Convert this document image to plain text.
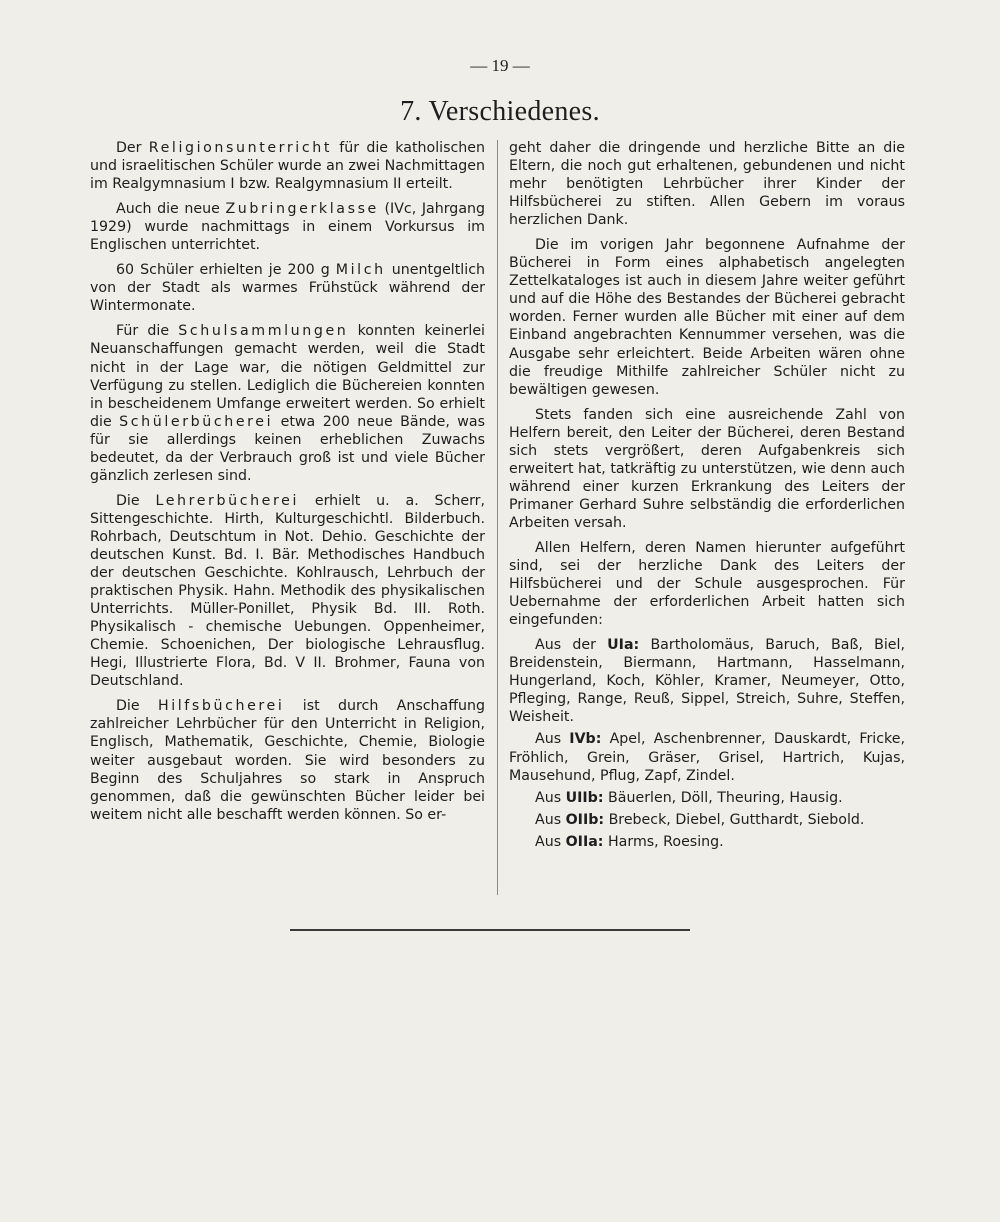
— 19 —
7. Verschiedenes.

Der Religionsunterricht für die katholischen und israelitischen Schüler wurde an zwei Nachmittagen im Realgymnasium I bzw. Realgymnasium II erteilt.

Auch die neue Zubringerklasse (IVc, Jahrgang 1929) wurde nachmittags in einem Vorkursus im Englischen unterrichtet.

60 Schüler erhielten je 200 g Milch unentgeltlich von der Stadt als warmes Frühstück während der Wintermonate.

Für die Schulsammlungen konnten keinerlei Neuanschaffungen gemacht werden, weil die Stadt nicht in der Lage war, die nötigen Geldmittel zur Verfügung zu stellen. Lediglich die Büchereien konnten in bescheidenem Umfange erweitert werden. So erhielt die Schülerbücherei etwa 200 neue Bände, was für sie allerdings keinen erheblichen Zuwachs bedeutet, da der Verbrauch groß ist und viele Bücher gänzlich zerlesen sind.

Die Lehrerbücherei erhielt u. a. Scherr, Sittengeschichte. Hirth, Kulturgeschichtl. Bilderbuch. Rohrbach, Deutschtum in Not. Dehio. Geschichte der deutschen Kunst. Bd. I. Bär. Methodisches Handbuch der deutschen Geschichte. Kohlrausch, Lehrbuch der praktischen Physik. Hahn. Methodik des physikalischen Unterrichts. Müller-Ponillet, Physik Bd. III. Roth. Physikalisch - chemische Uebungen. Oppenheimer, Chemie. Schoenichen, Der biologische Lehrausflug. Hegi, Illustrierte Flora, Bd. V II. Brohmer, Fauna von Deutschland.

Die Hilfsbücherei ist durch Anschaffung zahlreicher Lehrbücher für den Unterricht in Religion, Englisch, Mathematik, Geschichte, Chemie, Biologie weiter ausgebaut worden. Sie wird besonders zu Beginn des Schuljahres so stark in Anspruch genommen, daß die gewünschten Bücher leider bei weitem nicht alle beschafft werden können. So er-

geht daher die dringende und herzliche Bitte an die Eltern, die noch gut erhaltenen, gebundenen und nicht mehr benötigten Lehrbücher ihrer Kinder der Hilfsbücherei zu stiften. Allen Gebern im voraus herzlichen Dank.

Die im vorigen Jahr begonnene Aufnahme der Bücherei in Form eines alphabetisch angelegten Zettelkataloges ist auch in diesem Jahre weiter geführt und auf die Höhe des Bestandes der Bücherei gebracht worden. Ferner wurden alle Bücher mit einer auf dem Einband angebrachten Kennummer versehen, was die Ausgabe sehr erleichtert. Beide Arbeiten wären ohne die freudige Mithilfe zahlreicher Schüler nicht zu bewältigen gewesen.

Stets fanden sich eine ausreichende Zahl von Helfern bereit, den Leiter der Bücherei, deren Bestand sich stets vergrößert, deren Aufgabenkreis sich erweitert hat, tatkräftig zu unterstützen, wie denn auch während einer kurzen Erkrankung des Leiters der Primaner Gerhard Suhre selbständig die erforderlichen Arbeiten versah.

Allen Helfern, deren Namen hierunter aufgeführt sind, sei der herzliche Dank des Leiters der Hilfsbücherei und der Schule ausgesprochen. Für Uebernahme der erforderlichen Arbeit hatten sich eingefunden:

Aus der UIa: Bartholomäus, Baruch, Baß, Biel, Breidenstein, Biermann, Hartmann, Hasselmann, Hungerland, Koch, Köhler, Kramer, Neumeyer, Otto, Pfleging, Range, Reuß, Sippel, Streich, Suhre, Steffen, Weisheit.

Aus IVb: Apel, Aschenbrenner, Dauskardt, Fricke, Fröhlich, Grein, Gräser, Grisel, Hartrich, Kujas, Mausehund, Pflug, Zapf, Zindel.

Aus UIIb: Bäuerlen, Döll, Theuring, Hausig.

Aus OIIb: Brebeck, Diebel, Gutthardt, Siebold.

Aus OIIa: Harms, Roesing.
